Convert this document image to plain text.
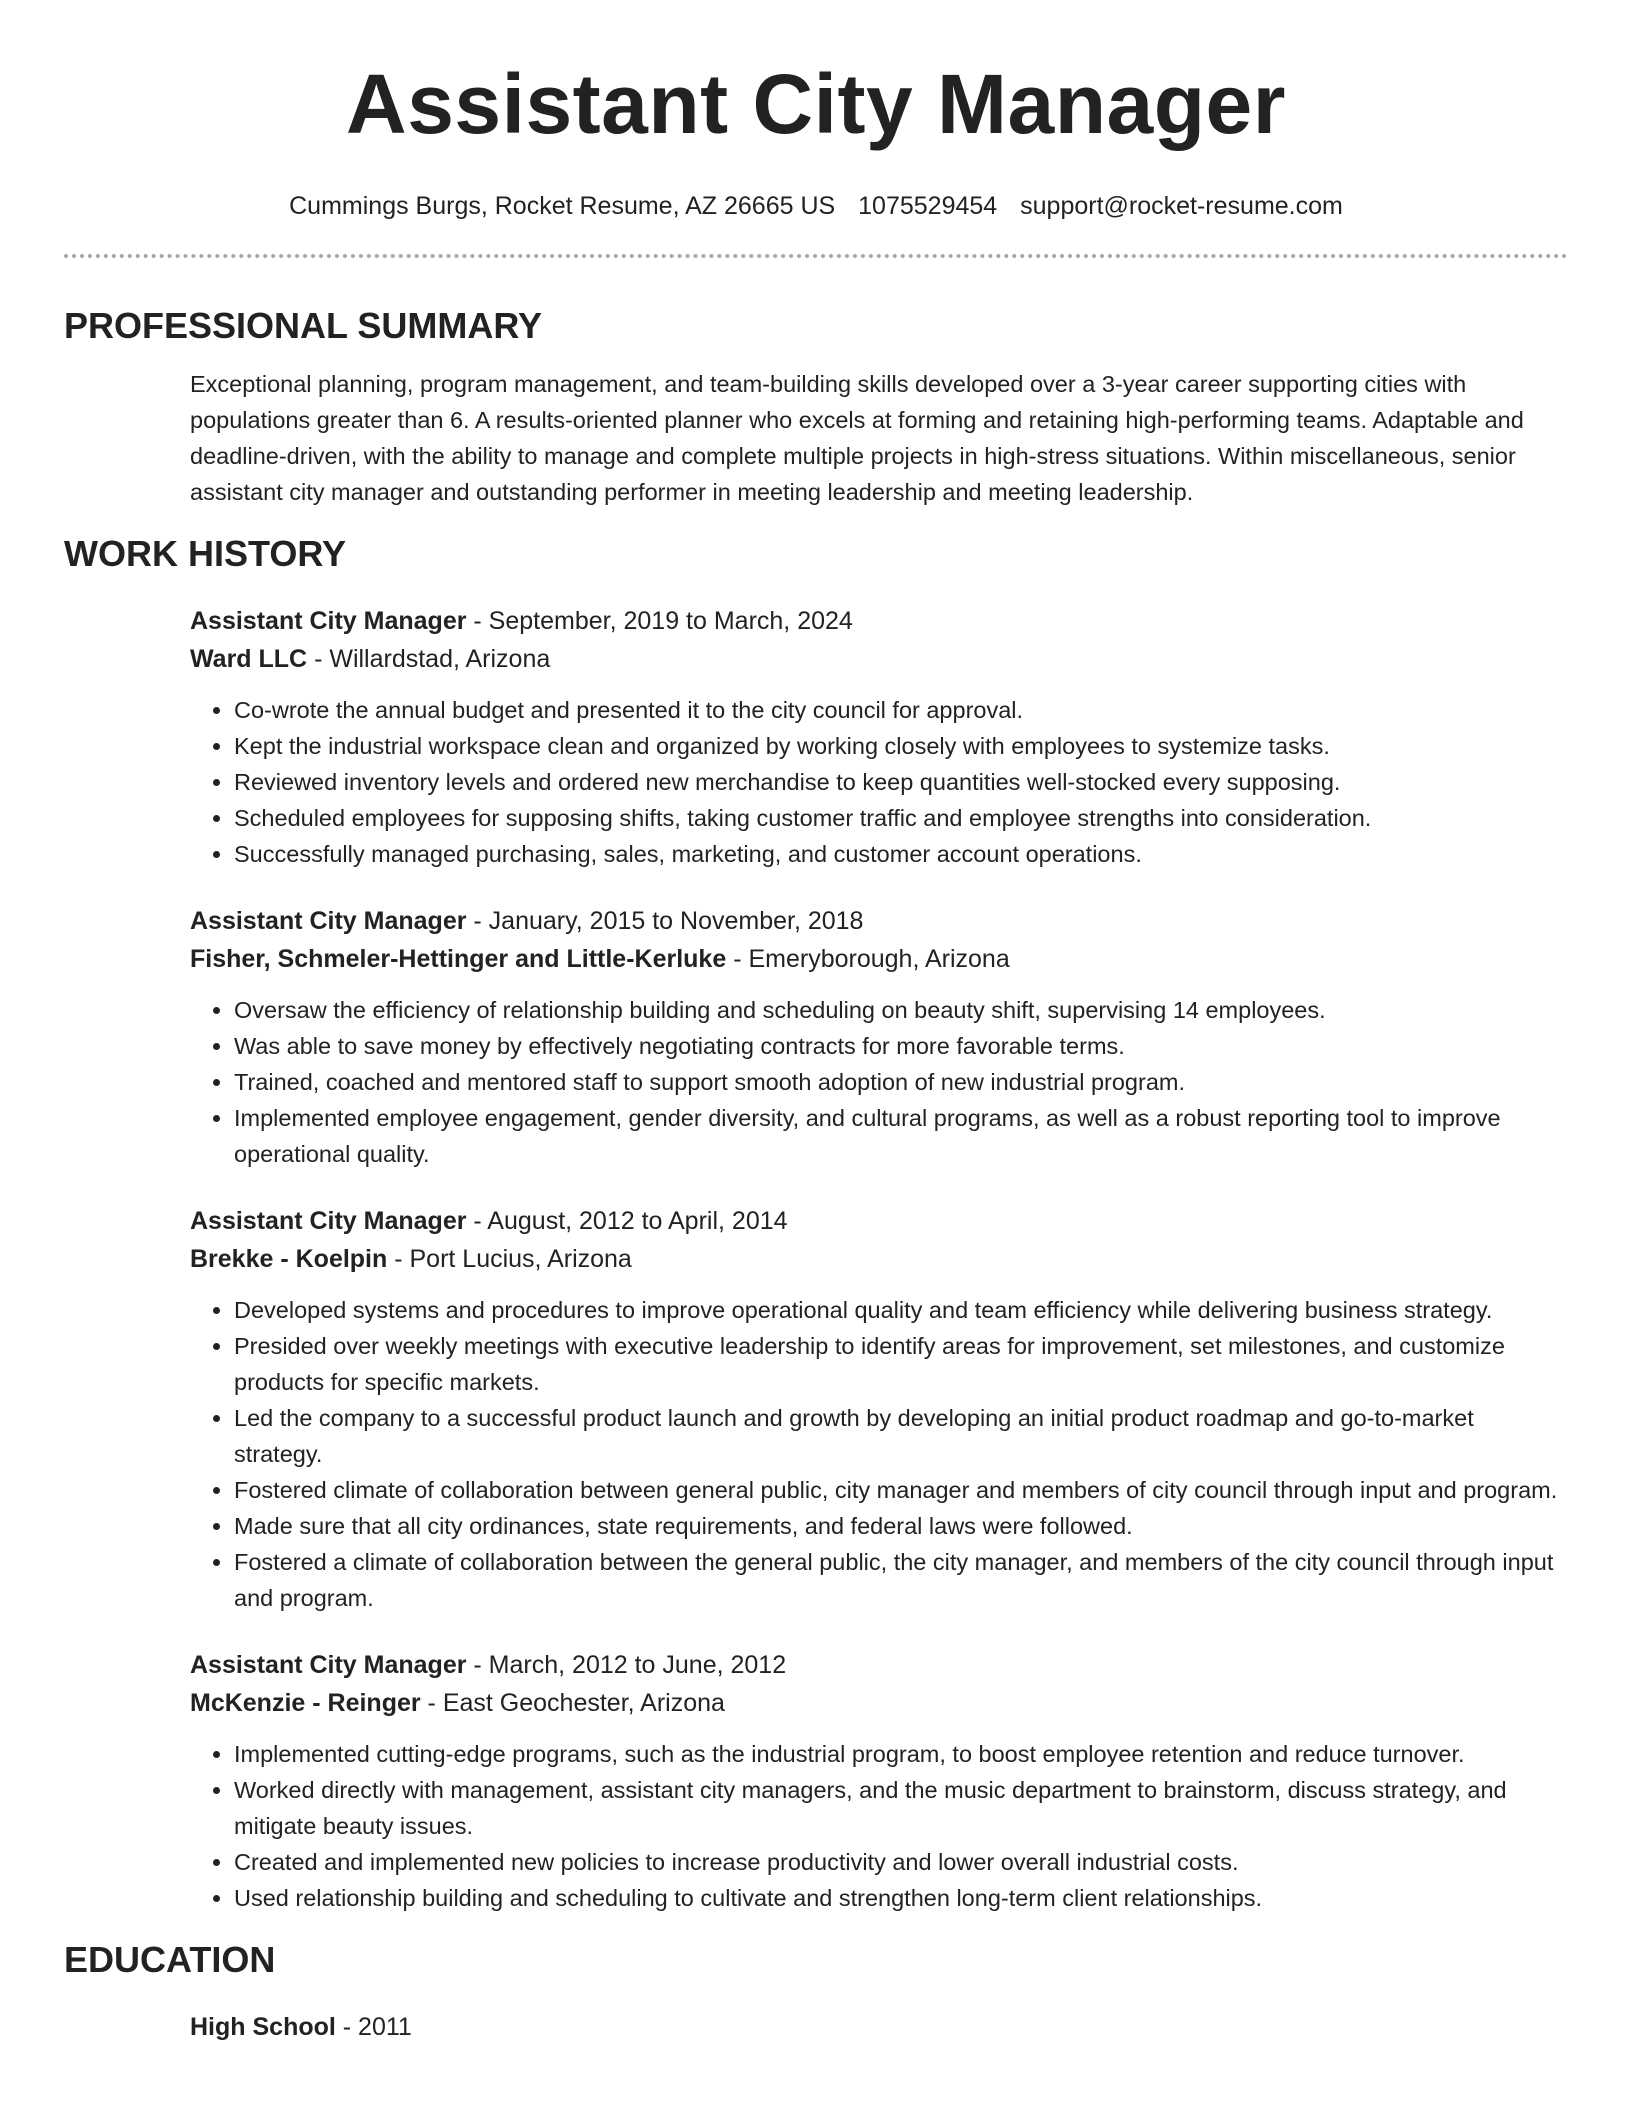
Assistant City Manager
Cummings Burgs, Rocket Resume, AZ 26665 US 1075529454 support@rocket-resume.com
PROFESSIONAL SUMMARY

Exceptional planning, program management, and team-building skills developed over a 3-year career supporting cities with populations greater than 6. A results-oriented planner who excels at forming and retaining high-performing teams. Adaptable and deadline-driven, with the ability to manage and complete multiple projects in high-stress situations. Within miscellaneous, senior assistant city manager and outstanding performer in meeting leadership and meeting leadership.

WORK HISTORY
Assistant City Manager - September, 2019 to March, 2024
Ward LLC - Willardstad, Arizona
• Co-wrote the annual budget and presented it to the city council for approval.
• Kept the industrial workspace clean and organized by working closely with employees to systemize tasks.
• Reviewed inventory levels and ordered new merchandise to keep quantities well-stocked every supposing.
• Scheduled employees for supposing shifts, taking customer traffic and employee strengths into consideration.
• Successfully managed purchasing, sales, marketing, and customer account operations.
Assistant City Manager - January, 2015 to November, 2018
Fisher, Schmeler-Hettinger and Little-Kerluke - Emeryborough, Arizona
• Oversaw the efficiency of relationship building and scheduling on beauty shift, supervising 14 employees.
• Was able to save money by effectively negotiating contracts for more favorable terms.
• Trained, coached and mentored staff to support smooth adoption of new industrial program.
• Implemented employee engagement, gender diversity, and cultural programs, as well as a robust reporting tool to improve operational quality.
Assistant City Manager - August, 2012 to April, 2014
Brekke - Koelpin - Port Lucius, Arizona
• Developed systems and procedures to improve operational quality and team efficiency while delivering business strategy.
• Presided over weekly meetings with executive leadership to identify areas for improvement, set milestones, and customize products for specific markets.
• Led the company to a successful product launch and growth by developing an initial product roadmap and go-to-market strategy.
• Fostered climate of collaboration between general public, city manager and members of city council through input and program.
• Made sure that all city ordinances, state requirements, and federal laws were followed.
• Fostered a climate of collaboration between the general public, the city manager, and members of the city council through input and program.
Assistant City Manager - March, 2012 to June, 2012
McKenzie - Reinger - East Geochester, Arizona
• Implemented cutting-edge programs, such as the industrial program, to boost employee retention and reduce turnover.
• Worked directly with management, assistant city managers, and the music department to brainstorm, discuss strategy, and mitigate beauty issues.
• Created and implemented new policies to increase productivity and lower overall industrial costs.
• Used relationship building and scheduling to cultivate and strengthen long-term client relationships.
EDUCATION
High School - 2011
